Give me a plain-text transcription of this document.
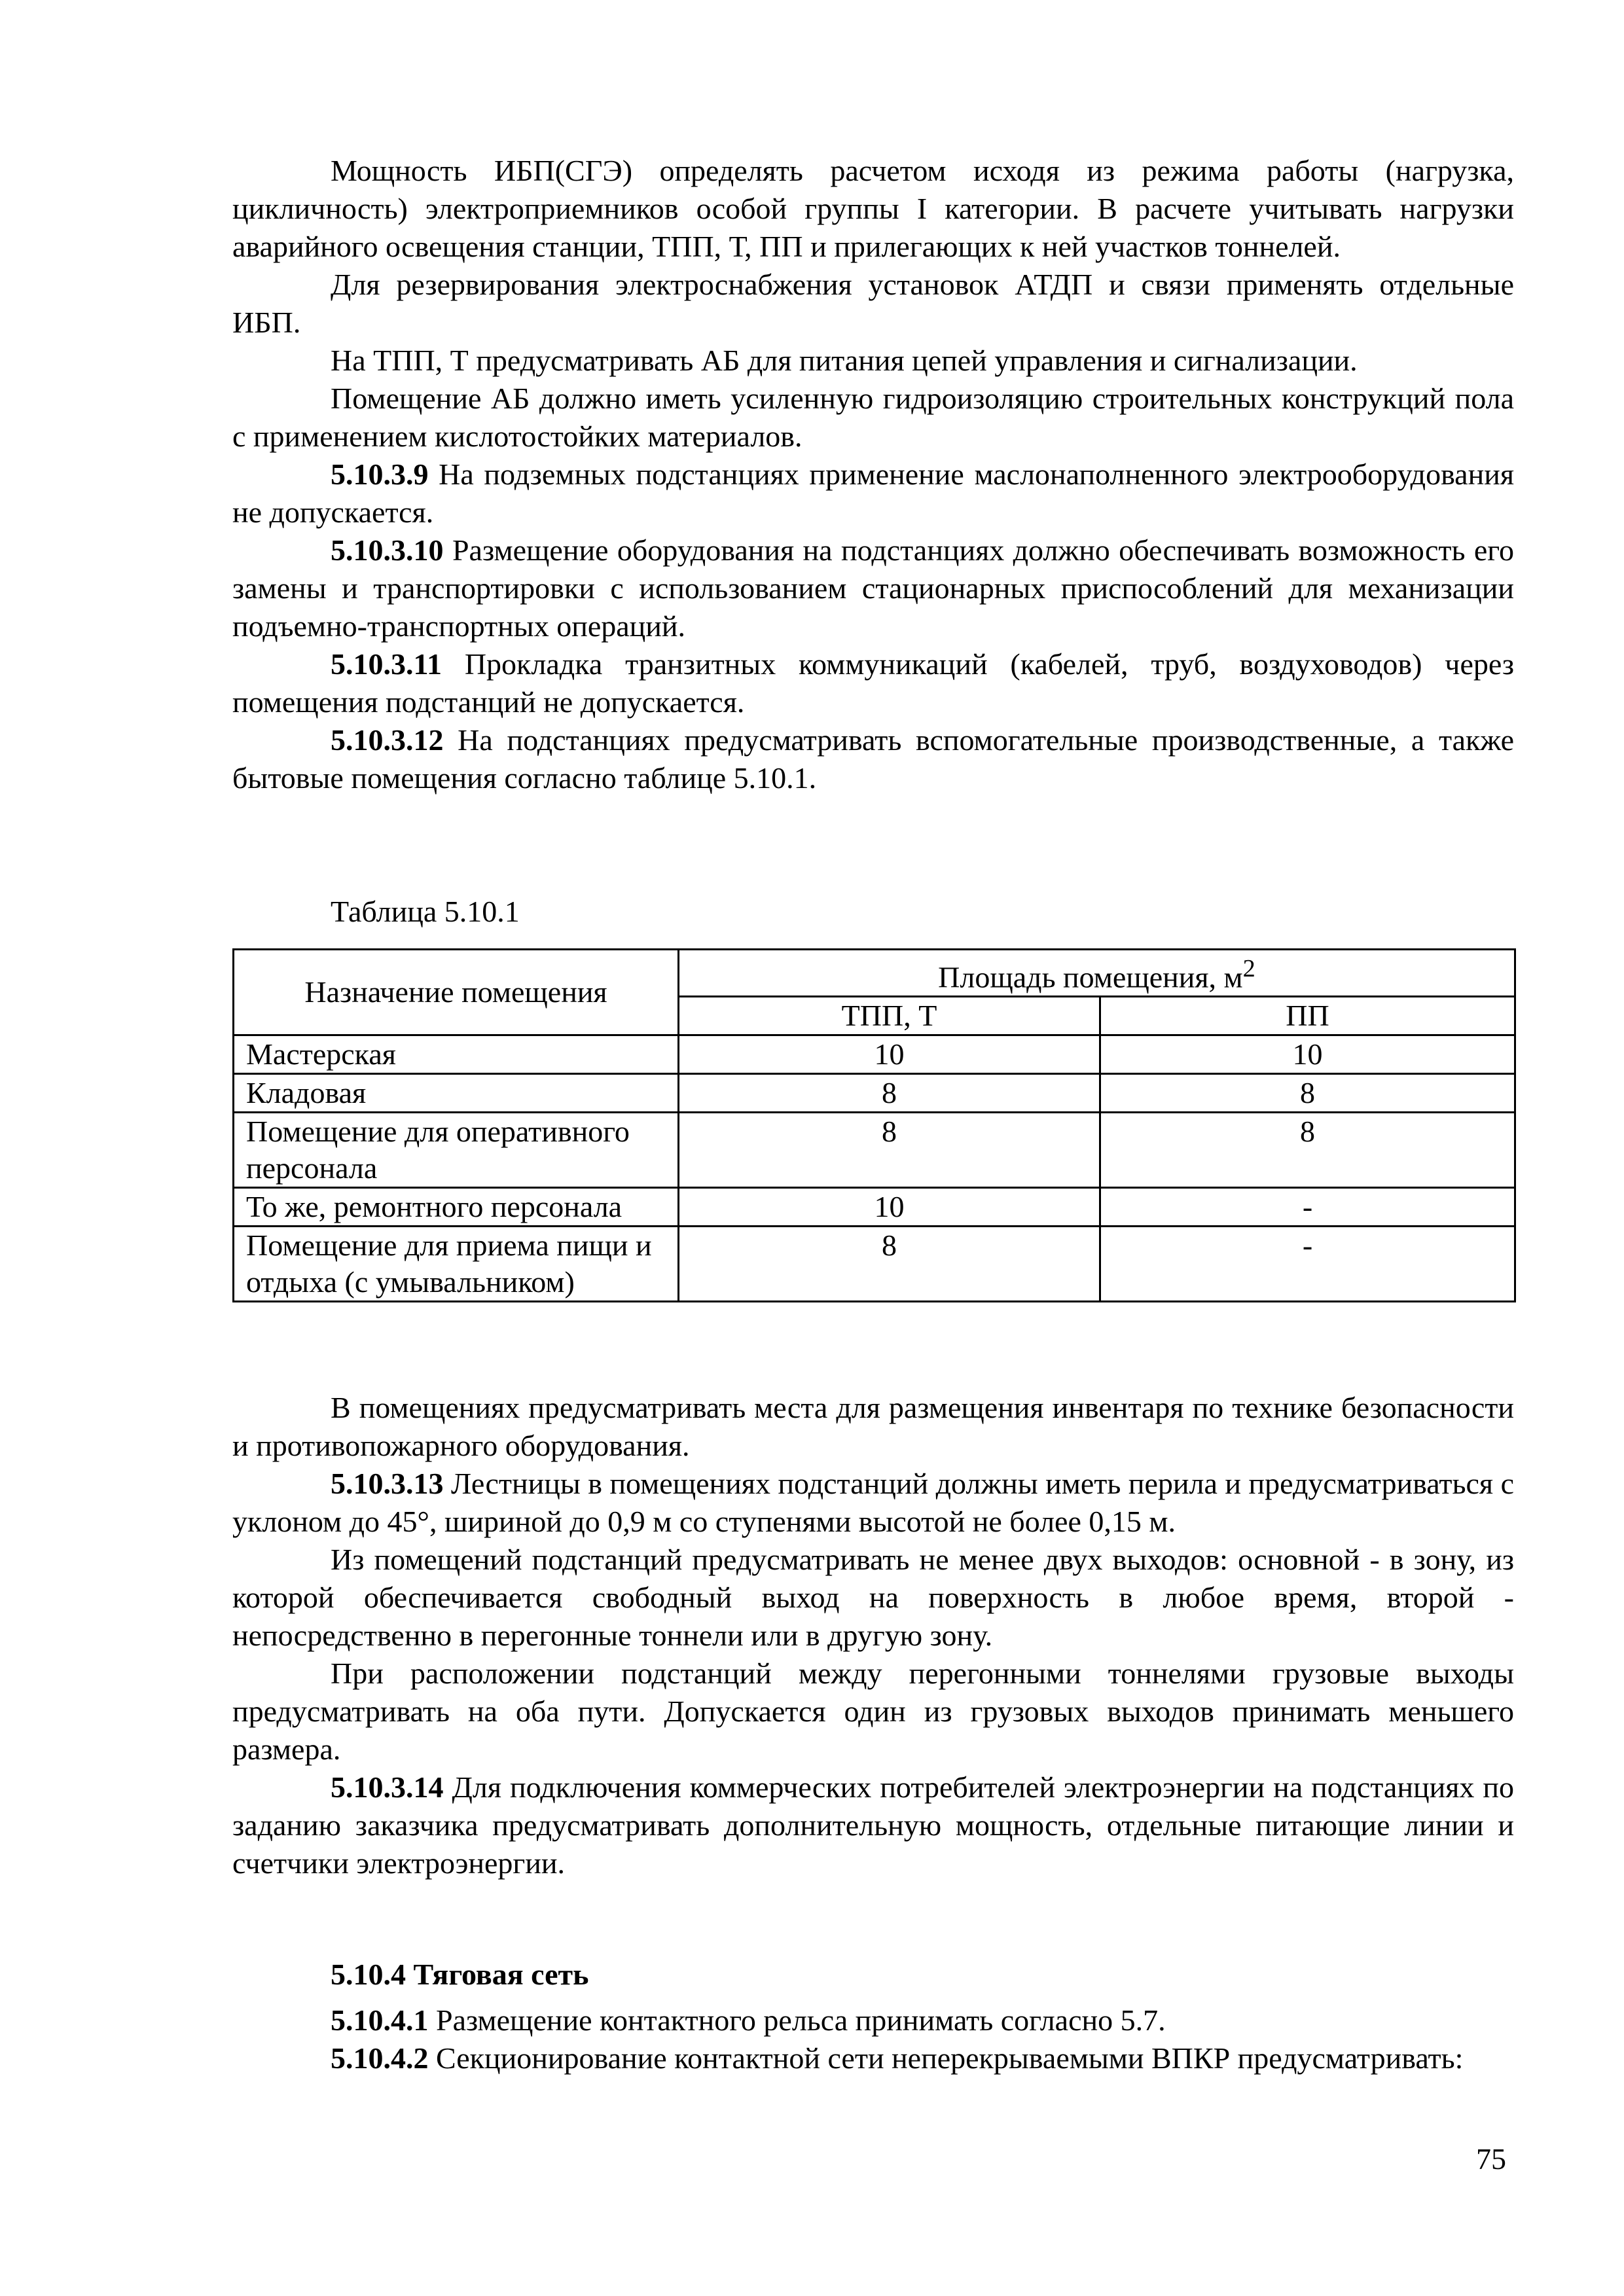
Мощность ИБП(СГЭ) определять расчетом исходя из режима работы (нагрузка, цикличность) электроприемников особой группы I категории. В расчете учитывать нагрузки аварийного освещения станции, ТПП, Т, ПП и прилегающих к ней участков тоннелей.

Для резервирования электроснабжения установок АТДП и связи применять отдельные ИБП.

На ТПП, Т предусматривать АБ для питания цепей управления и сигнализации.

Помещение АБ должно иметь усиленную гидроизоляцию строительных конструкций пола с применением кислотостойких материалов.

5.10.3.9 На подземных подстанциях применение маслонаполненного электрооборудования не допускается.

5.10.3.10 Размещение оборудования на подстанциях должно обеспечивать возможность его замены и транспортировки с использованием стационарных приспособлений для механизации подъемно-транспортных операций.

5.10.3.11 Прокладка транзитных коммуникаций (кабелей, труб, воздуховодов) через помещения подстанций не допускается.

5.10.3.12 На подстанциях предусматривать вспомогательные производственные, а также бытовые помещения согласно таблице 5.10.1.

Таблица 5.10.1

Назначение помещения	Площадь помещения, $м^2$
	ТПП, Т	ПП
Мастерская	10	10
Кладовая	8	8
Помещение для оперативного персонала	8	8
То же, ремонтного персонала	10	-
Помещение для приема пищи и отдыха (с умывальником)	8	-

В помещениях предусматривать места для размещения инвентаря по технике безопасности и противопожарного оборудования.

5.10.3.13 Лестницы в помещениях подстанций должны иметь перила и предусматриваться с уклоном до 45°, шириной до 0,9 м со ступенями высотой не более 0,15 м.

Из помещений подстанций предусматривать не менее двух выходов: основной - в зону, из которой обеспечивается свободный выход на поверхность в любое время, второй - непосредственно в перегонные тоннели или в другую зону.

При расположении подстанций между перегонными тоннелями грузовые выходы предусматривать на оба пути. Допускается один из грузовых выходов принимать меньшего размера.

5.10.3.14 Для подключения коммерческих потребителей электроэнергии на подстанциях по заданию заказчика предусматривать дополнительную мощность, отдельные питающие линии и счетчики электроэнергии.

5.10.4 Тяговая сеть

5.10.4.1 Размещение контактного рельса принимать согласно 5.7.

5.10.4.2 Секционирование контактной сети неперекрываемыми ВПКР предусматривать:

75
